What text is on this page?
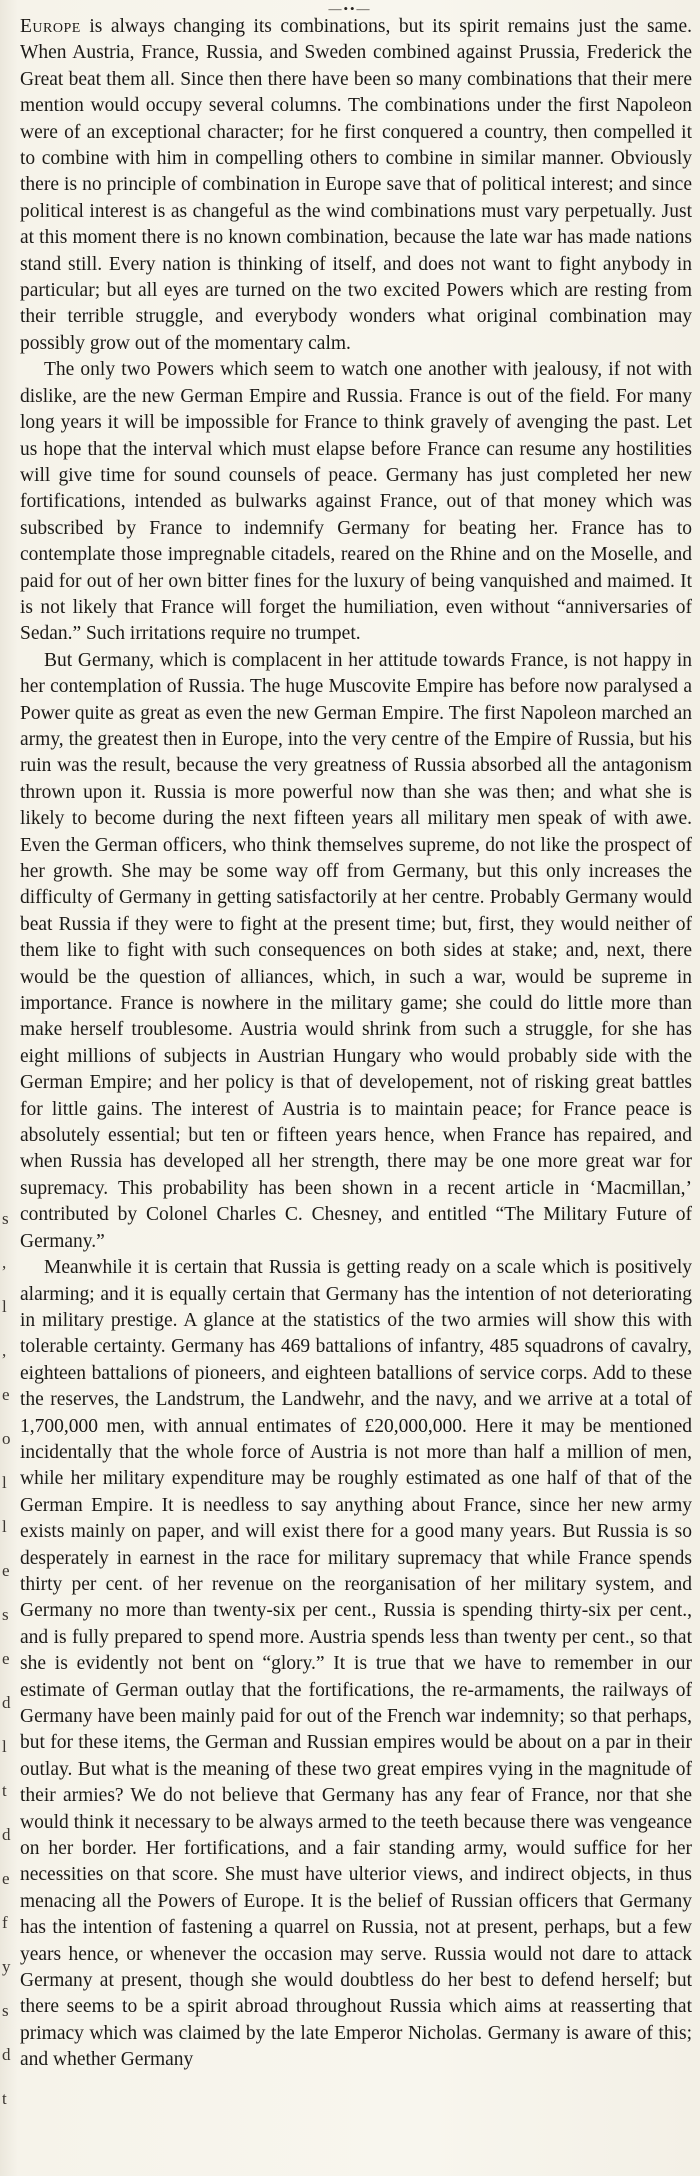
—••—
s
,
l
,
e
o
l
l
e
s
e
d
l
t
d
e
f
y
s
d
t

Europe is always changing its combinations, but its spirit remains just the same. When Austria, France, Russia, and Sweden combined against Prussia, Frederick the Great beat them all. Since then there have been so many combinations that their mere mention would occupy several columns. The combinations under the first Napoleon were of an exceptional character; for he first conquered a country, then compelled it to combine with him in compelling others to combine in similar manner. Obviously there is no principle of combination in Europe save that of political interest; and since political interest is as changeful as the wind combinations must vary perpetually. Just at this moment there is no known combination, because the late war has made nations stand still. Every nation is thinking of itself, and does not want to fight anybody in particular; but all eyes are turned on the two excited Powers which are resting from their terrible struggle, and everybody wonders what original combination may possibly grow out of the momentary calm.

The only two Powers which seem to watch one another with jealousy, if not with dislike, are the new German Empire and Russia. France is out of the field. For many long years it will be impossible for France to think gravely of avenging the past. Let us hope that the interval which must elapse before France can resume any hostilities will give time for sound counsels of peace. Germany has just completed her new fortifications, intended as bulwarks against France, out of that money which was subscribed by France to indemnify Germany for beating her. France has to contemplate those impregnable citadels, reared on the Rhine and on the Moselle, and paid for out of her own bitter fines for the luxury of being vanquished and maimed. It is not likely that France will forget the humiliation, even without “anniversaries of Sedan.” Such irritations require no trumpet.

But Germany, which is complacent in her attitude towards France, is not happy in her contemplation of Russia. The huge Muscovite Empire has before now paralysed a Power quite as great as even the new German Empire. The first Napoleon marched an army, the greatest then in Europe, into the very centre of the Empire of Russia, but his ruin was the result, because the very greatness of Russia absorbed all the antagonism thrown upon it. Russia is more powerful now than she was then; and what she is likely to become during the next fifteen years all military men speak of with awe. Even the German officers, who think themselves supreme, do not like the prospect of her growth. She may be some way off from Germany, but this only increases the difficulty of Germany in getting satisfactorily at her centre. Probably Germany would beat Russia if they were to fight at the present time; but, first, they would neither of them like to fight with such consequences on both sides at stake; and, next, there would be the question of alliances, which, in such a war, would be supreme in importance. France is nowhere in the military game; she could do little more than make herself troublesome. Austria would shrink from such a struggle, for she has eight millions of subjects in Austrian Hungary who would probably side with the German Empire; and her policy is that of developement, not of risking great battles for little gains. The interest of Austria is to maintain peace; for France peace is absolutely essential; but ten or fifteen years hence, when France has repaired, and when Russia has developed all her strength, there may be one more great war for supremacy. This probability has been shown in a recent article in ‘Macmillan,’ contributed by Colonel Charles C. Chesney, and entitled “The Military Future of Germany.”

Meanwhile it is certain that Russia is getting ready on a scale which is positively alarming; and it is equally certain that Germany has the intention of not deteriorating in military prestige. A glance at the statistics of the two armies will show this with tolerable certainty. Germany has 469 battalions of infantry, 485 squadrons of cavalry, eighteen battalions of pioneers, and eighteen batallions of service corps. Add to these the reserves, the Landstrum, the Landwehr, and the navy, and we arrive at a total of 1,700,000 men, with annual entimates of £20,000,000. Here it may be mentioned incidentally that the whole force of Austria is not more than half a million of men, while her military expenditure may be roughly estimated as one half of that of the German Empire. It is needless to say anything about France, since her new army exists mainly on paper, and will exist there for a good many years. But Russia is so desperately in earnest in the race for military supremacy that while France spends thirty per cent. of her revenue on the reorganisation of her military system, and Germany no more than twenty-six per cent., Russia is spending thirty-six per cent., and is fully prepared to spend more. Austria spends less than twenty per cent., so that she is evidently not bent on “glory.” It is true that we have to remember in our estimate of German outlay that the fortifications, the re-armaments, the railways of Germany have been mainly paid for out of the French war indemnity; so that perhaps, but for these items, the German and Russian empires would be about on a par in their outlay. But what is the meaning of these two great empires vying in the magnitude of their armies? We do not believe that Germany has any fear of France, nor that she would think it necessary to be always armed to the teeth because there was vengeance on her border. Her fortifications, and a fair standing army, would suffice for her necessities on that score. She must have ulterior views, and indirect objects, in thus menacing all the Powers of Europe. It is the belief of Russian officers that Germany has the intention of fastening a quarrel on Russia, not at present, perhaps, but a few years hence, or whenever the occasion may serve. Russia would not dare to attack Germany at present, though she would doubtless do her best to defend herself; but there seems to be a spirit abroad throughout Russia which aims at reasserting that primacy which was claimed by the late Emperor Nicholas. Germany is aware of this; and whether Germany
